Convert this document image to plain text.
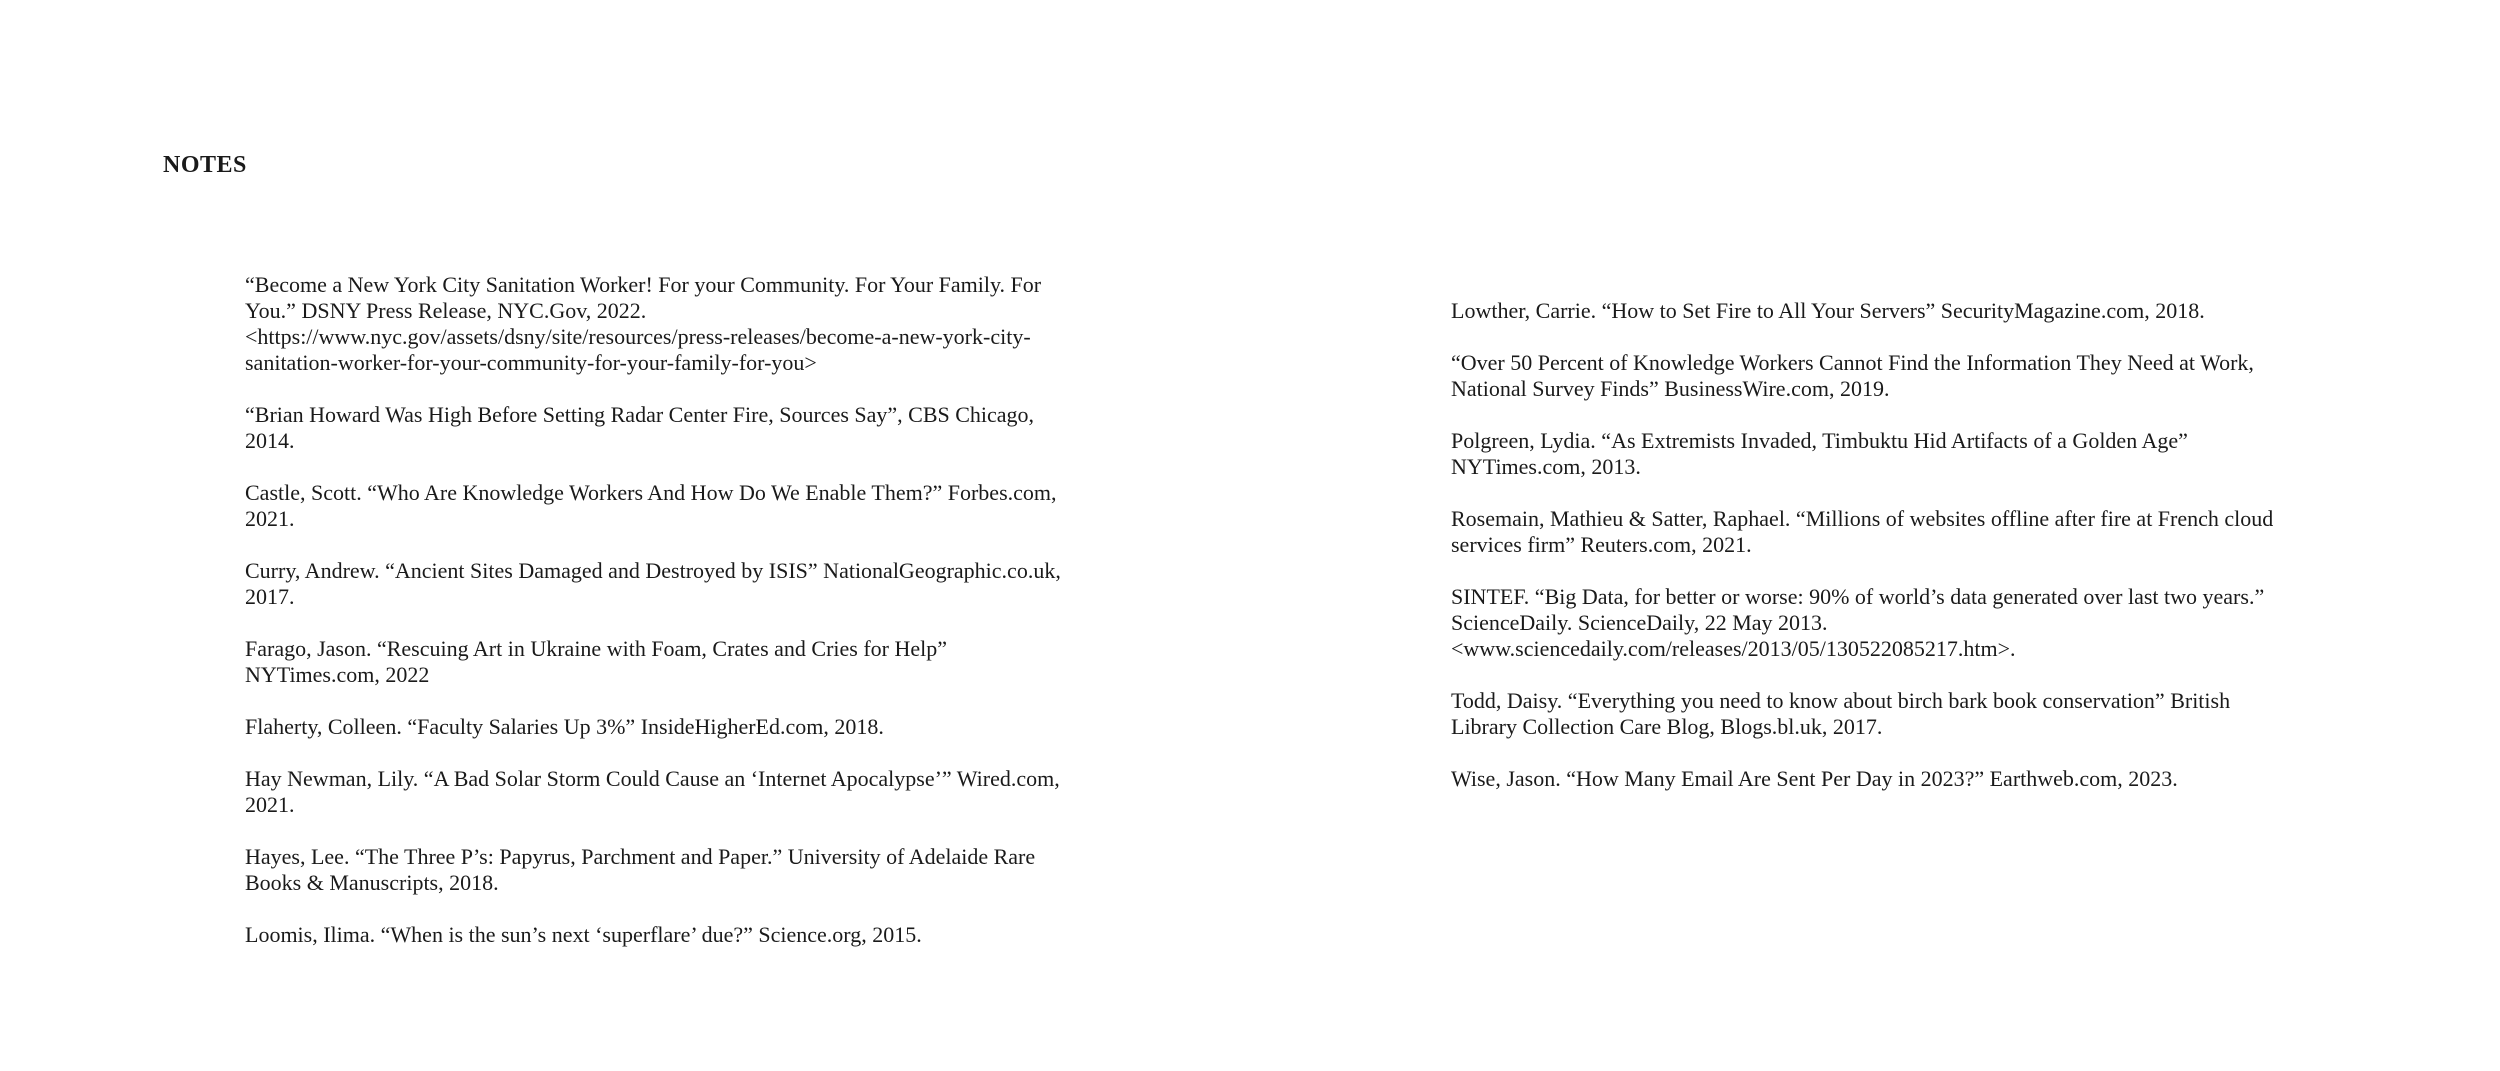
NOTES

“Become a New York City Sanitation Worker! For your Community. For Your Family. For You.” DSNY Press Release, NYC.Gov, 2022. <https://www.nyc.gov/assets/dsny/site/resources/press-releases/become-a-new-york-city-sanitation-worker-for-your-community-for-your-family-for-you>

“Brian Howard Was High Before Setting Radar Center Fire, Sources Say”, CBS Chicago, 2014.

Castle, Scott. “Who Are Knowledge Workers And How Do We Enable Them?” Forbes.com, 2021.

Curry, Andrew. “Ancient Sites Damaged and Destroyed by ISIS” NationalGeographic.co.uk, 2017.

Farago, Jason. “Rescuing Art in Ukraine with Foam, Crates and Cries for Help” NYTimes.com, 2022

Flaherty, Colleen. “Faculty Salaries Up 3%” InsideHigherEd.com, 2018.

Hay Newman, Lily. “A Bad Solar Storm Could Cause an ‘Internet Apocalypse’” Wired.com, 2021.

Hayes, Lee. “The Three P’s: Papyrus, Parchment and Paper.” University of Adelaide Rare Books & Manuscripts, 2018.

Loomis, Ilima. “When is the sun’s next ‘superflare’ due?” Science.org, 2015.

Lowther, Carrie. “How to Set Fire to All Your Servers” SecurityMagazine.com, 2018.

“Over 50 Percent of Knowledge Workers Cannot Find the Information They Need at Work, National Survey Finds” BusinessWire.com, 2019.

Polgreen, Lydia. “As Extremists Invaded, Timbuktu Hid Artifacts of a Golden Age” NYTimes.com, 2013.

Rosemain, Mathieu & Satter, Raphael. “Millions of websites offline after fire at French cloud services firm” Reuters.com, 2021.

SINTEF. “Big Data, for better or worse: 90% of world’s data generated over last two years.” ScienceDaily. ScienceDaily, 22 May 2013. <www.sciencedaily.com/releases/2013/05/130522085217.htm>.

Todd, Daisy. “Everything you need to know about birch bark book conservation” British Library Collection Care Blog, Blogs.bl.uk, 2017.

Wise, Jason. “How Many Email Are Sent Per Day in 2023?” Earthweb.com, 2023.
